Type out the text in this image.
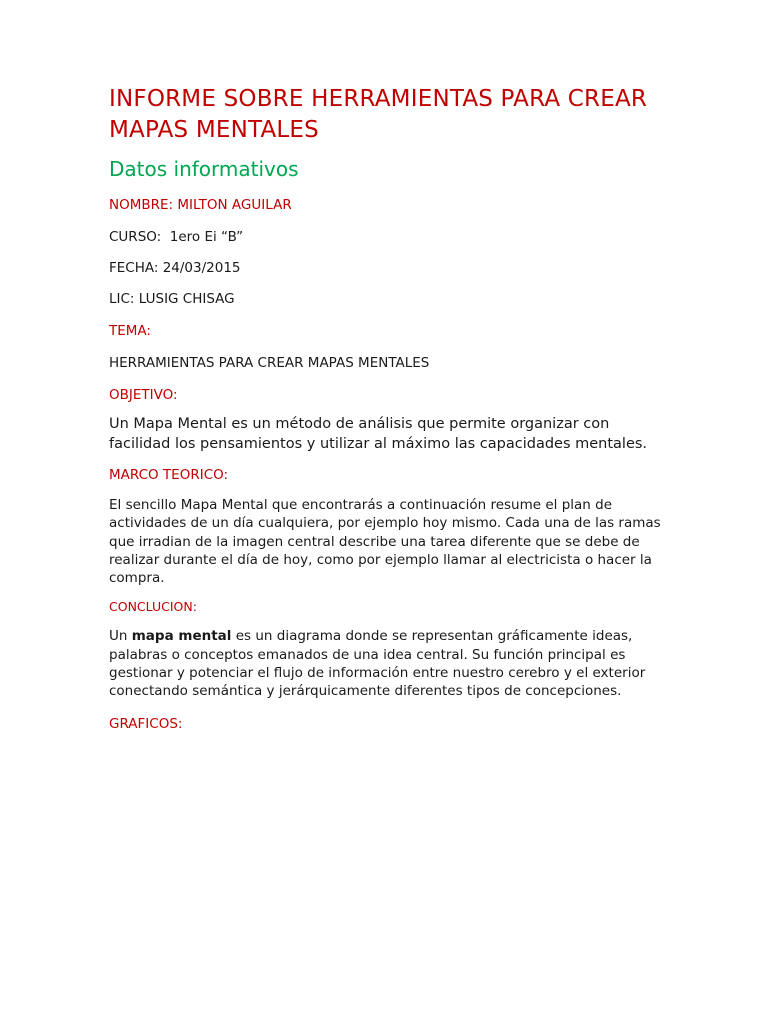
INFORME SOBRE HERRAMIENTAS PARA CREAR MAPAS MENTALES
Datos informativos

NOMBRE: MILTON AGUILAR

CURSO:  1ero Ei “B”

FECHA: 24/03/2015

LIC: LUSIG CHISAG

TEMA:

HERRAMIENTAS PARA CREAR MAPAS MENTALES

OBJETIVO:

Un Mapa Mental es un método de análisis que permite organizar con facilidad los pensamientos y utilizar al máximo las capacidades mentales.

MARCO TEORICO:

El sencillo Mapa Mental que encontrarás a continuación resume el plan de actividades de un día cualquiera, por ejemplo hoy mismo. Cada una de las ramas que irradian de la imagen central describe una tarea diferente que se debe de realizar durante el día de hoy, como por ejemplo llamar al electricista o hacer la compra.

CONCLUCION:

Un mapa mental es un diagrama donde se representan gráficamente ideas, palabras o conceptos emanados de una idea central. Su función principal es gestionar y potenciar el flujo de información entre nuestro cerebro y el exterior conectando semántica y jerárquicamente diferentes tipos de concepciones.

GRAFICOS:
